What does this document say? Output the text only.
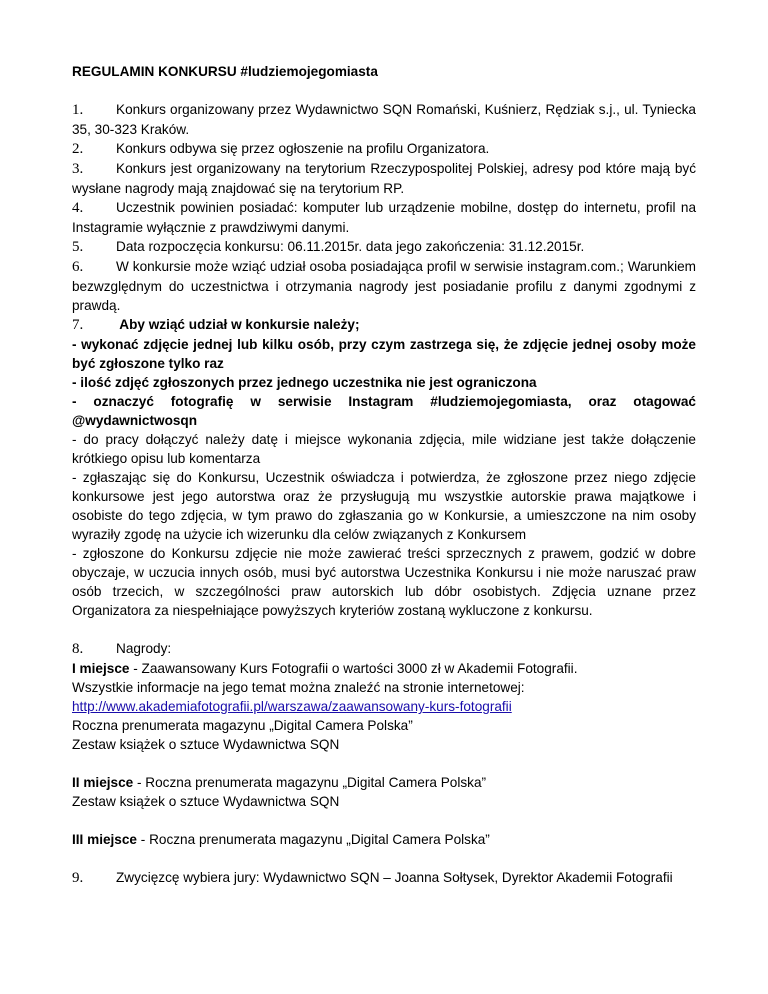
REGULAMIN KONKURSU #ludziemojegomiasta

1. Konkurs organizowany przez Wydawnictwo SQN Romański, Kuśnierz, Rędziak s.j., ul. Tyniecka 35, 30-323 Kraków.

2. Konkurs odbywa się przez ogłoszenie na profilu Organizatora.

3. Konkurs jest organizowany na terytorium Rzeczypospolitej Polskiej, adresy pod które mają być wysłane nagrody mają znajdować się na terytorium RP.

4. Uczestnik powinien posiadać: komputer lub urządzenie mobilne, dostęp do internetu, profil na Instagramie wyłącznie z prawdziwymi danymi.

5. Data rozpoczęcia konkursu: 06.11.2015r. data jego zakończenia: 31.12.2015r.

6. W konkursie może wziąć udział osoba posiadająca profil w serwisie instagram.com.; Warunkiem bezwzględnym do uczestnictwa i otrzymania nagrody jest posiadanie profilu z danymi zgodnymi z prawdą.

7. Aby wziąć udział w konkursie należy;

- wykonać zdjęcie jednej lub kilku osób, przy czym zastrzega się, że zdjęcie jednej osoby może być zgłoszone tylko raz

- ilość zdjęć zgłoszonych przez jednego uczestnika nie jest ograniczona

- oznaczyć fotografię w serwisie Instagram #ludziemojegomiasta, oraz otagować

@wydawnictwosqn

- do pracy dołączyć należy datę i miejsce wykonania zdjęcia, mile widziane jest także dołączenie krótkiego opisu lub komentarza

- zgłaszając się do Konkursu, Uczestnik oświadcza i potwierdza, że zgłoszone przez niego zdjęcie konkursowe jest jego autorstwa oraz że przysługują mu wszystkie autorskie prawa majątkowe i osobiste do tego zdjęcia, w tym prawo do zgłaszania go w Konkursie, a umieszczone na nim osoby wyraziły zgodę na użycie ich wizerunku dla celów związanych z Konkursem

- zgłoszone do Konkursu zdjęcie nie może zawierać treści sprzecznych z prawem, godzić w dobre obyczaje, w uczucia innych osób, musi być autorstwa Uczestnika Konkursu i nie może naruszać praw osób trzecich, w szczególności praw autorskich lub dóbr osobistych. Zdjęcia uznane przez Organizatora za niespełniające powyższych kryteriów zostaną wykluczone z konkursu.

8. Nagrody:

I miejsce - Zaawansowany Kurs Fotografii o wartości 3000 zł w Akademii Fotografii.

Wszystkie informacje na jego temat można znaleźć na stronie internetowej:

http://www.akademiafotografii.pl/warszawa/zaawansowany-kurs-fotografii

Roczna prenumerata magazynu „Digital Camera Polska”

Zestaw książek o sztuce Wydawnictwa SQN

II miejsce - Roczna prenumerata magazynu „Digital Camera Polska”

Zestaw książek o sztuce Wydawnictwa SQN

III miejsce - Roczna prenumerata magazynu „Digital Camera Polska”

9. Zwycięzcę wybiera jury: Wydawnictwo SQN – Joanna Sołtysek, Dyrektor Akademii Fotografii
